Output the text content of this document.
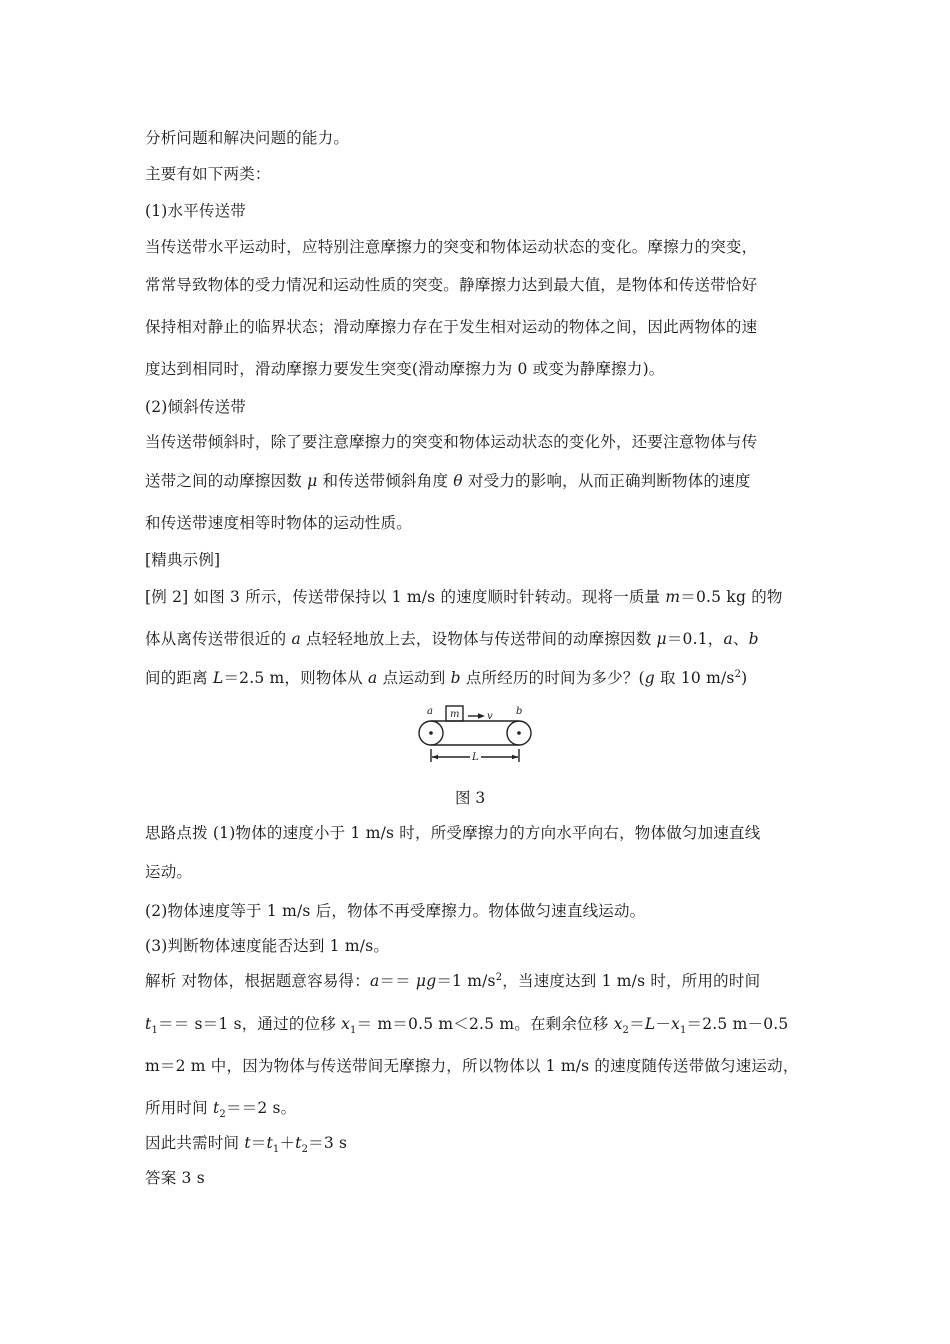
分析问题和解决问题的能力。
主要有如下两类：
(1)水平传送带
当传送带水平运动时，应特别注意摩擦力的突变和物体运动状态的变化。摩擦力的突变，
常常导致物体的受力情况和运动性质的突变。静摩擦力达到最大值，是物体和传送带恰好
保持相对静止的临界状态；滑动摩擦力存在于发生相对运动的物体之间，因此两物体的速
度达到相同时，滑动摩擦力要发生突变(滑动摩擦力为 0 或变为静摩擦力)。
(2)倾斜传送带
当传送带倾斜时，除了要注意摩擦力的突变和物体运动状态的变化外，还要注意物体与传
送带之间的动摩擦因数 μ 和传送带倾斜角度 θ 对受力的影响，从而正确判断物体的速度
和传送带速度相等时物体的运动性质。
[精典示例]
[例 2] 如图 3 所示，传送带保持以 1 m/s 的速度顺时针转动。现将一质量 m＝0.5 kg 的物
体从离传送带很近的 a 点轻轻地放上去，设物体与传送带间的动摩擦因数 μ＝0.1，a、b
间的距离 L＝2.5 m，则物体从 a 点运动到 b 点所经历的时间为多少？(g 取 10 $m/s^2$)
a	b
m	v
L
图 3
思路点拨 (1)物体的速度小于 1 m/s 时，所受摩擦力的方向水平向右，物体做匀加速直线
运动。
(2)物体速度等于 1 m/s 后，物体不再受摩擦力。物体做匀速直线运动。
(3)判断物体速度能否达到 1 m/s。
解析 对物体，根据题意容易得：a＝＝ μg＝1 $m/s^2$，当速度达到 1 m/s 时，所用的时间
$t_1== s=1$ s，通过的位移 $x_1= m=0.5$ m＜2.5 m。在剩余位移 $x_2=L-x_1=2.5$ m－0.5
m＝2 m 中，因为物体与传送带间无摩擦力，所以物体以 1 m/s 的速度随传送带做匀速运动，
所用时间 $t_2==2$ s。
因此共需时间 $t=t_1+t_2=3$ s
答案 3 s
